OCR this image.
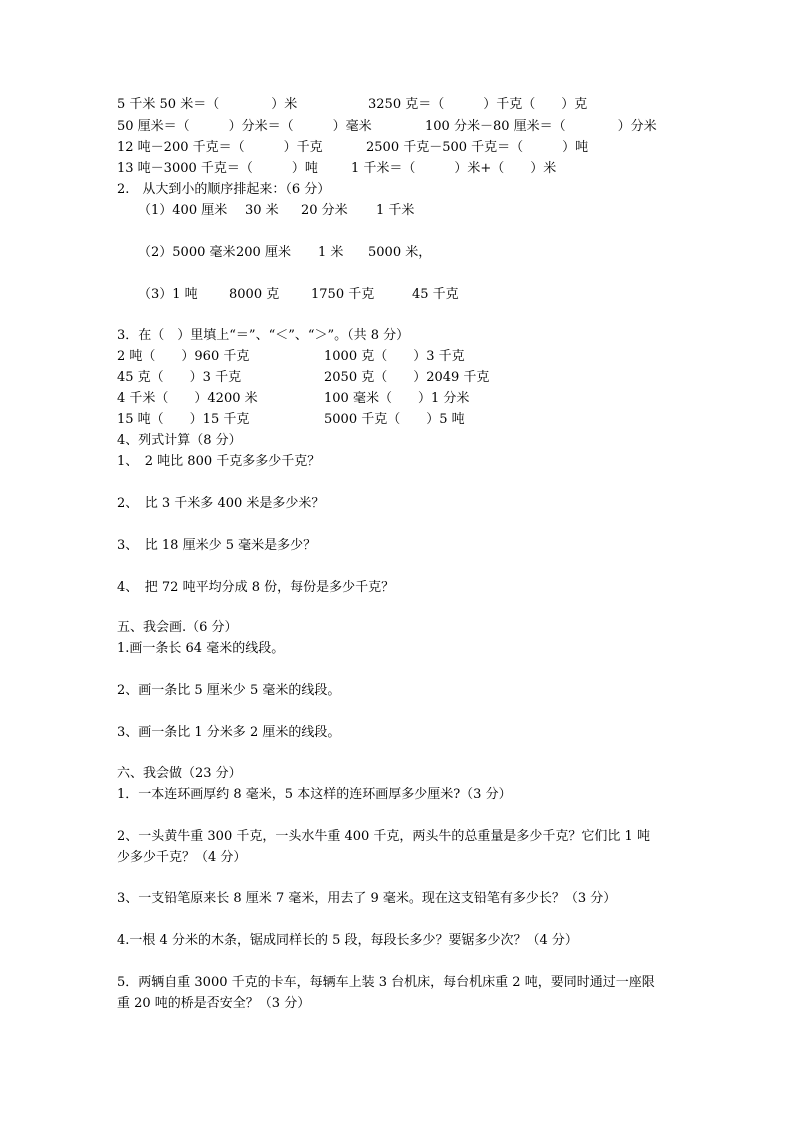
5 千米 50 米＝（　　　　）米	3250 克＝（　　　）千克（　　）克
50 厘米＝（　　　）分米＝（　　　）毫米	100 分米－80 厘米＝（　　　　）分米
12 吨－200 千克＝（　　　）千克	2500 千克－500 千克＝（　　　）吨
13 吨－3000 千克＝（　　　）吨	1 千米＝（　　　）米+（　　）米
2.　从大到小的顺序排起来：（6 分）
（1）400 厘米 30 米 20 分米 1 千米
（2）5000 毫米 200 厘米 1 米 5000 米，
（3）1 吨 8000 克 1750 千克	45 千克
3．在（　）里填上“＝”、“＜”、“＞”。（共 8 分）
2 吨（　　）960 千克	1000 克（　　）3 千克
45 克（　　）3 千克	2050 克（　　）2049 千克
4 千米（　　）4200 米	100 毫米（　　）1 分米
15 吨（　　）15 千克	5000 千克（　　）5 吨
4、列式计算（8 分）
1、　2 吨比 800 千克多多少千克？
2、　比 3 千米多 400 米是多少米？
3、　比 18 厘米少 5 毫米是多少？
4、　把 72 吨平均分成 8 份，每份是多少千克？
五、我会画.（6 分）
1.画一条长 64 毫米的线段。
2、画一条比 5 厘米少 5 毫米的线段。
3、画一条比 1 分米多 2 厘米的线段。
六、我会做（23 分）
1．一本连环画厚约 8 毫米，5 本这样的连环画厚多少厘米?（3 分）
2、一头黄牛重 300 千克，一头水牛重 400 千克，两头牛的总重量是多少千克？它们比 1 吨
少多少千克？（4 分）
3、一支铅笔原来长 8 厘米 7 毫米，用去了 9 毫米。现在这支铅笔有多少长？（3 分）
4.一根 4 分米的木条，锯成同样长的 5 段，每段长多少？要锯多少次？（4 分）
5．两辆自重 3000 千克的卡车，每辆车上装 3 台机床，每台机床重 2 吨，要同时通过一座限
重 20 吨的桥是否安全？（3 分）
